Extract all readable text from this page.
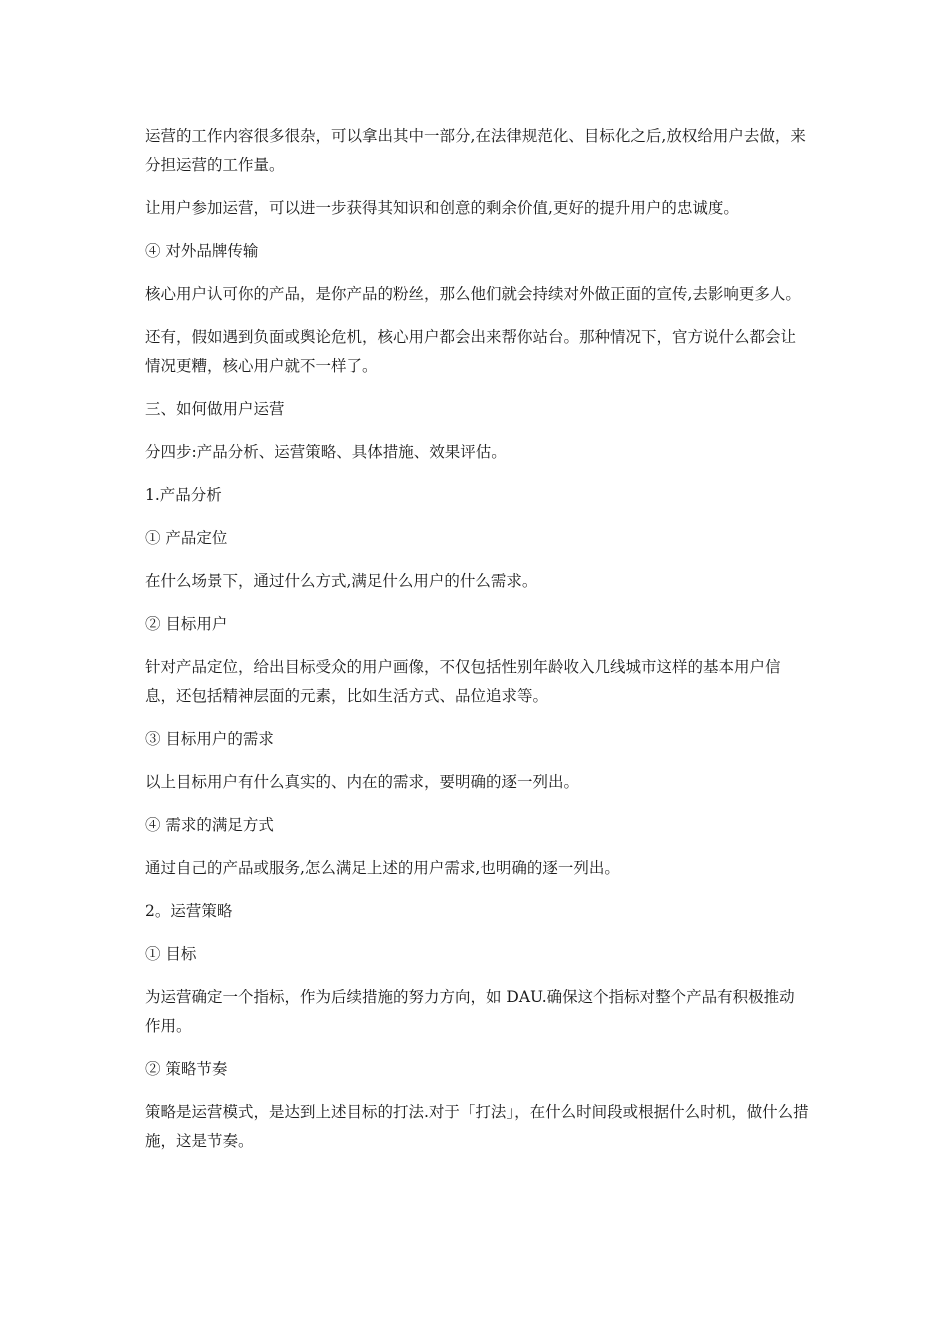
运营的工作内容很多很杂，可以拿出其中一部分,在法律规范化、目标化之后,放权给用户去做，来分担运营的工作量。

让用户参加运营，可以进一步获得其知识和创意的剩余价值,更好的提升用户的忠诚度。

④ 对外品牌传输

核心用户认可你的产品，是你产品的粉丝，那么他们就会持续对外做正面的宣传,去影响更多人。

还有，假如遇到负面或舆论危机，核心用户都会出来帮你站台。那种情况下，官方说什么都会让情况更糟，核心用户就不一样了。

三、如何做用户运营

分四步:产品分析、运营策略、具体措施、效果评估。

1.产品分析

① 产品定位

在什么场景下，通过什么方式,满足什么用户的什么需求。

② 目标用户

针对产品定位，给出目标受众的用户画像，不仅包括性别年龄收入几线城市这样的基本用户信息，还包括精神层面的元素，比如生活方式、品位追求等。

③ 目标用户的需求

以上目标用户有什么真实的、内在的需求，要明确的逐一列出。

④ 需求的满足方式

通过自己的产品或服务,怎么满足上述的用户需求,也明确的逐一列出。

2。运营策略

① 目标

为运营确定一个指标，作为后续措施的努力方向，如 DAU.确保这个指标对整个产品有积极推动作用。

② 策略节奏

策略是运营模式，是达到上述目标的打法.对于「打法」，在什么时间段或根据什么时机，做什么措施，这是节奏。
